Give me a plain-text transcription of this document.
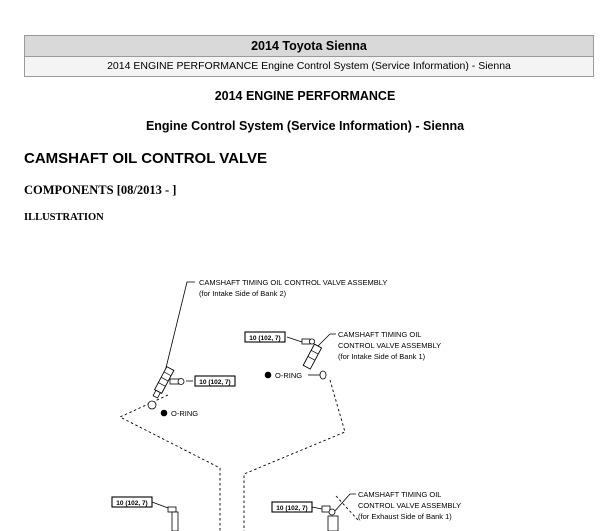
2014 Toyota Sienna
2014 ENGINE PERFORMANCE Engine Control System (Service Information) - Sienna
2014 ENGINE PERFORMANCE
Engine Control System (Service Information) - Sienna
CAMSHAFT OIL CONTROL VALVE
COMPONENTS [08/2013 - ]
ILLUSTRATION
10 (102, 7)
10 (102, 7)
10 (102, 7)
10 (102, 7)
CAMSHAFT TIMING OIL CONTROL VALVE ASSEMBLY
(for Intake Side of Bank 2)
CAMSHAFT TIMING OIL
CONTROL VALVE ASSEMBLY
(for Intake Side of Bank 1)
CAMSHAFT TIMING OIL
CONTROL VALVE ASSEMBLY
(for Exhaust Side of Bank 1)
O-RING
O-RING
